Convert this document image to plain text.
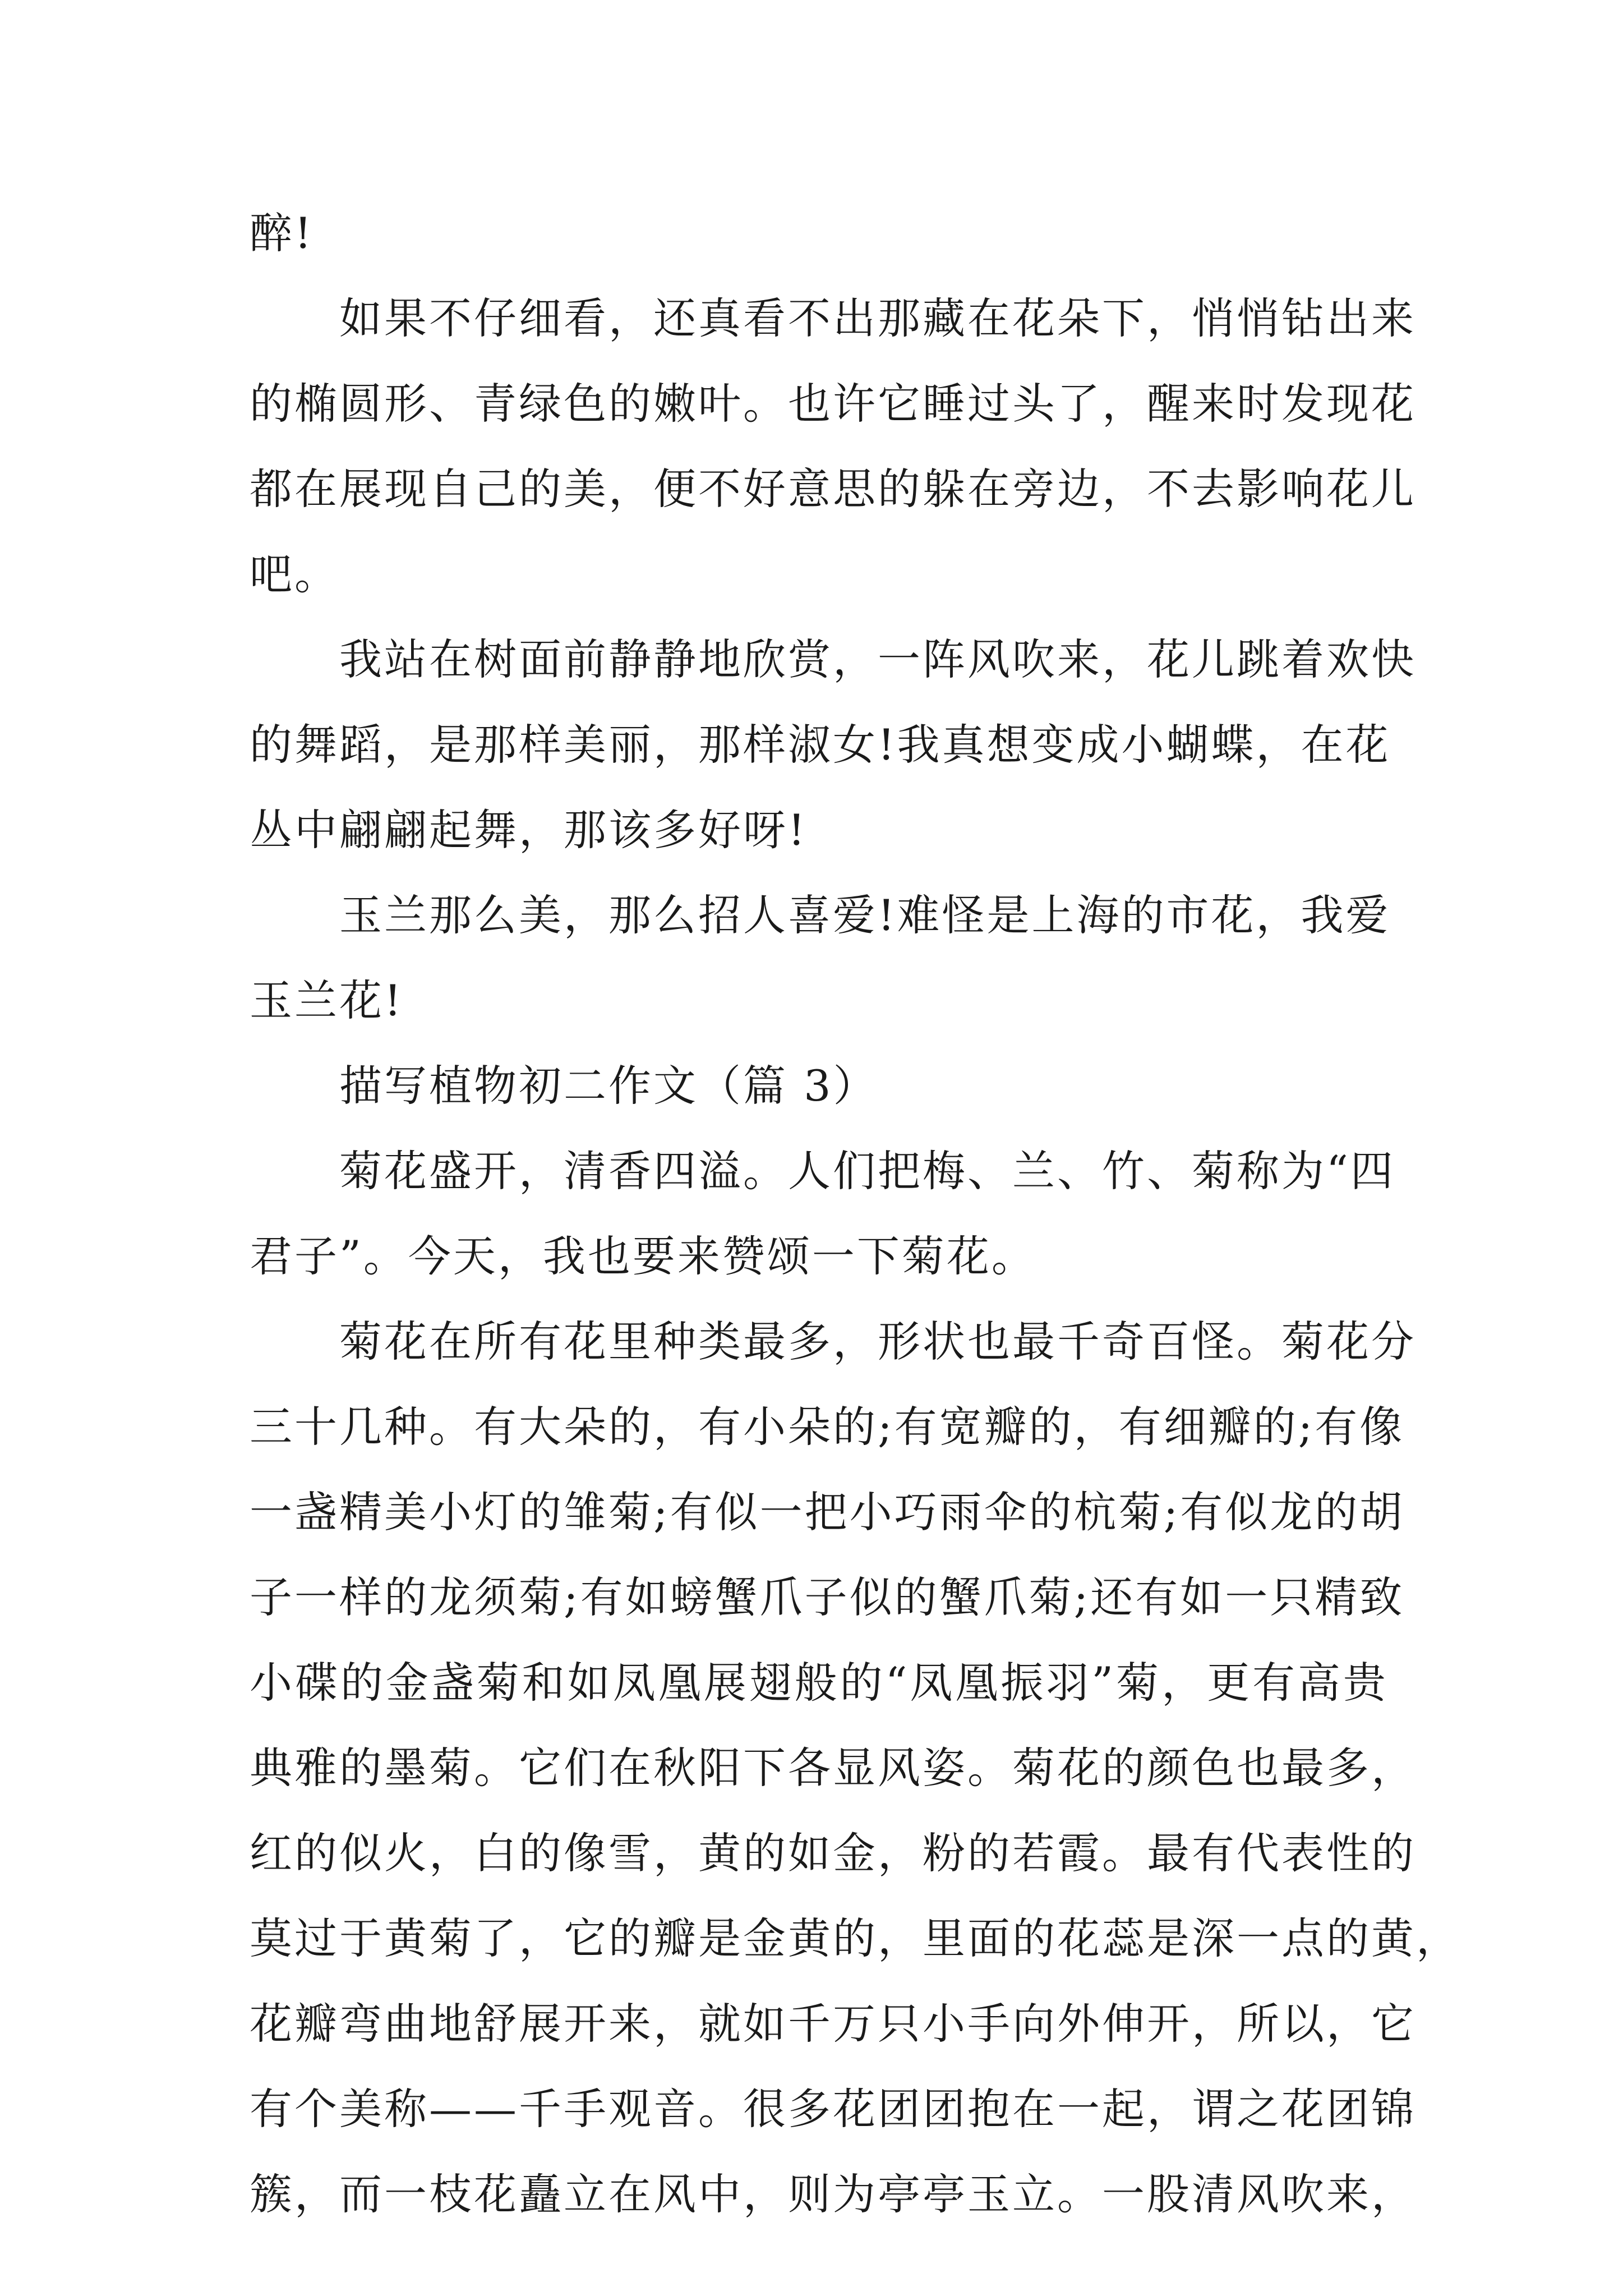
醉!
如果不仔细看，还真看不出那藏在花朵下，悄悄钻出来
的椭圆形、青绿色的嫩叶。也许它睡过头了，醒来时发现花
都在展现自己的美，便不好意思的躲在旁边，不去影响花儿
吧。
我站在树面前静静地欣赏，一阵风吹来，花儿跳着欢快
的舞蹈，是那样美丽，那样淑女!我真想变成小蝴蝶，在花
丛中翩翩起舞，那该多好呀!
玉兰那么美，那么招人喜爱!难怪是上海的市花，我爱
玉兰花!
描写植物初二作文（篇 3）
菊花盛开，清香四溢。人们把梅、兰、竹、菊称为“四
君子”。今天，我也要来赞颂一下菊花。
菊花在所有花里种类最多，形状也最千奇百怪。菊花分
三十几种。有大朵的，有小朵的;有宽瓣的，有细瓣的;有像
一盏精美小灯的雏菊;有似一把小巧雨伞的杭菊;有似龙的胡
子一样的龙须菊;有如螃蟹爪子似的蟹爪菊;还有如一只精致
小碟的金盏菊和如凤凰展翅般的“凤凰振羽”菊，更有高贵
典雅的墨菊。它们在秋阳下各显风姿。菊花的颜色也最多，
红的似火，白的像雪，黄的如金，粉的若霞。最有代表性的
莫过于黄菊了，它的瓣是金黄的，里面的花蕊是深一点的黄，
花瓣弯曲地舒展开来，就如千万只小手向外伸开，所以，它
有个美称——千手观音。很多花团团抱在一起，谓之花团锦
簇，而一枝花矗立在风中，则为亭亭玉立。一股清风吹来，
